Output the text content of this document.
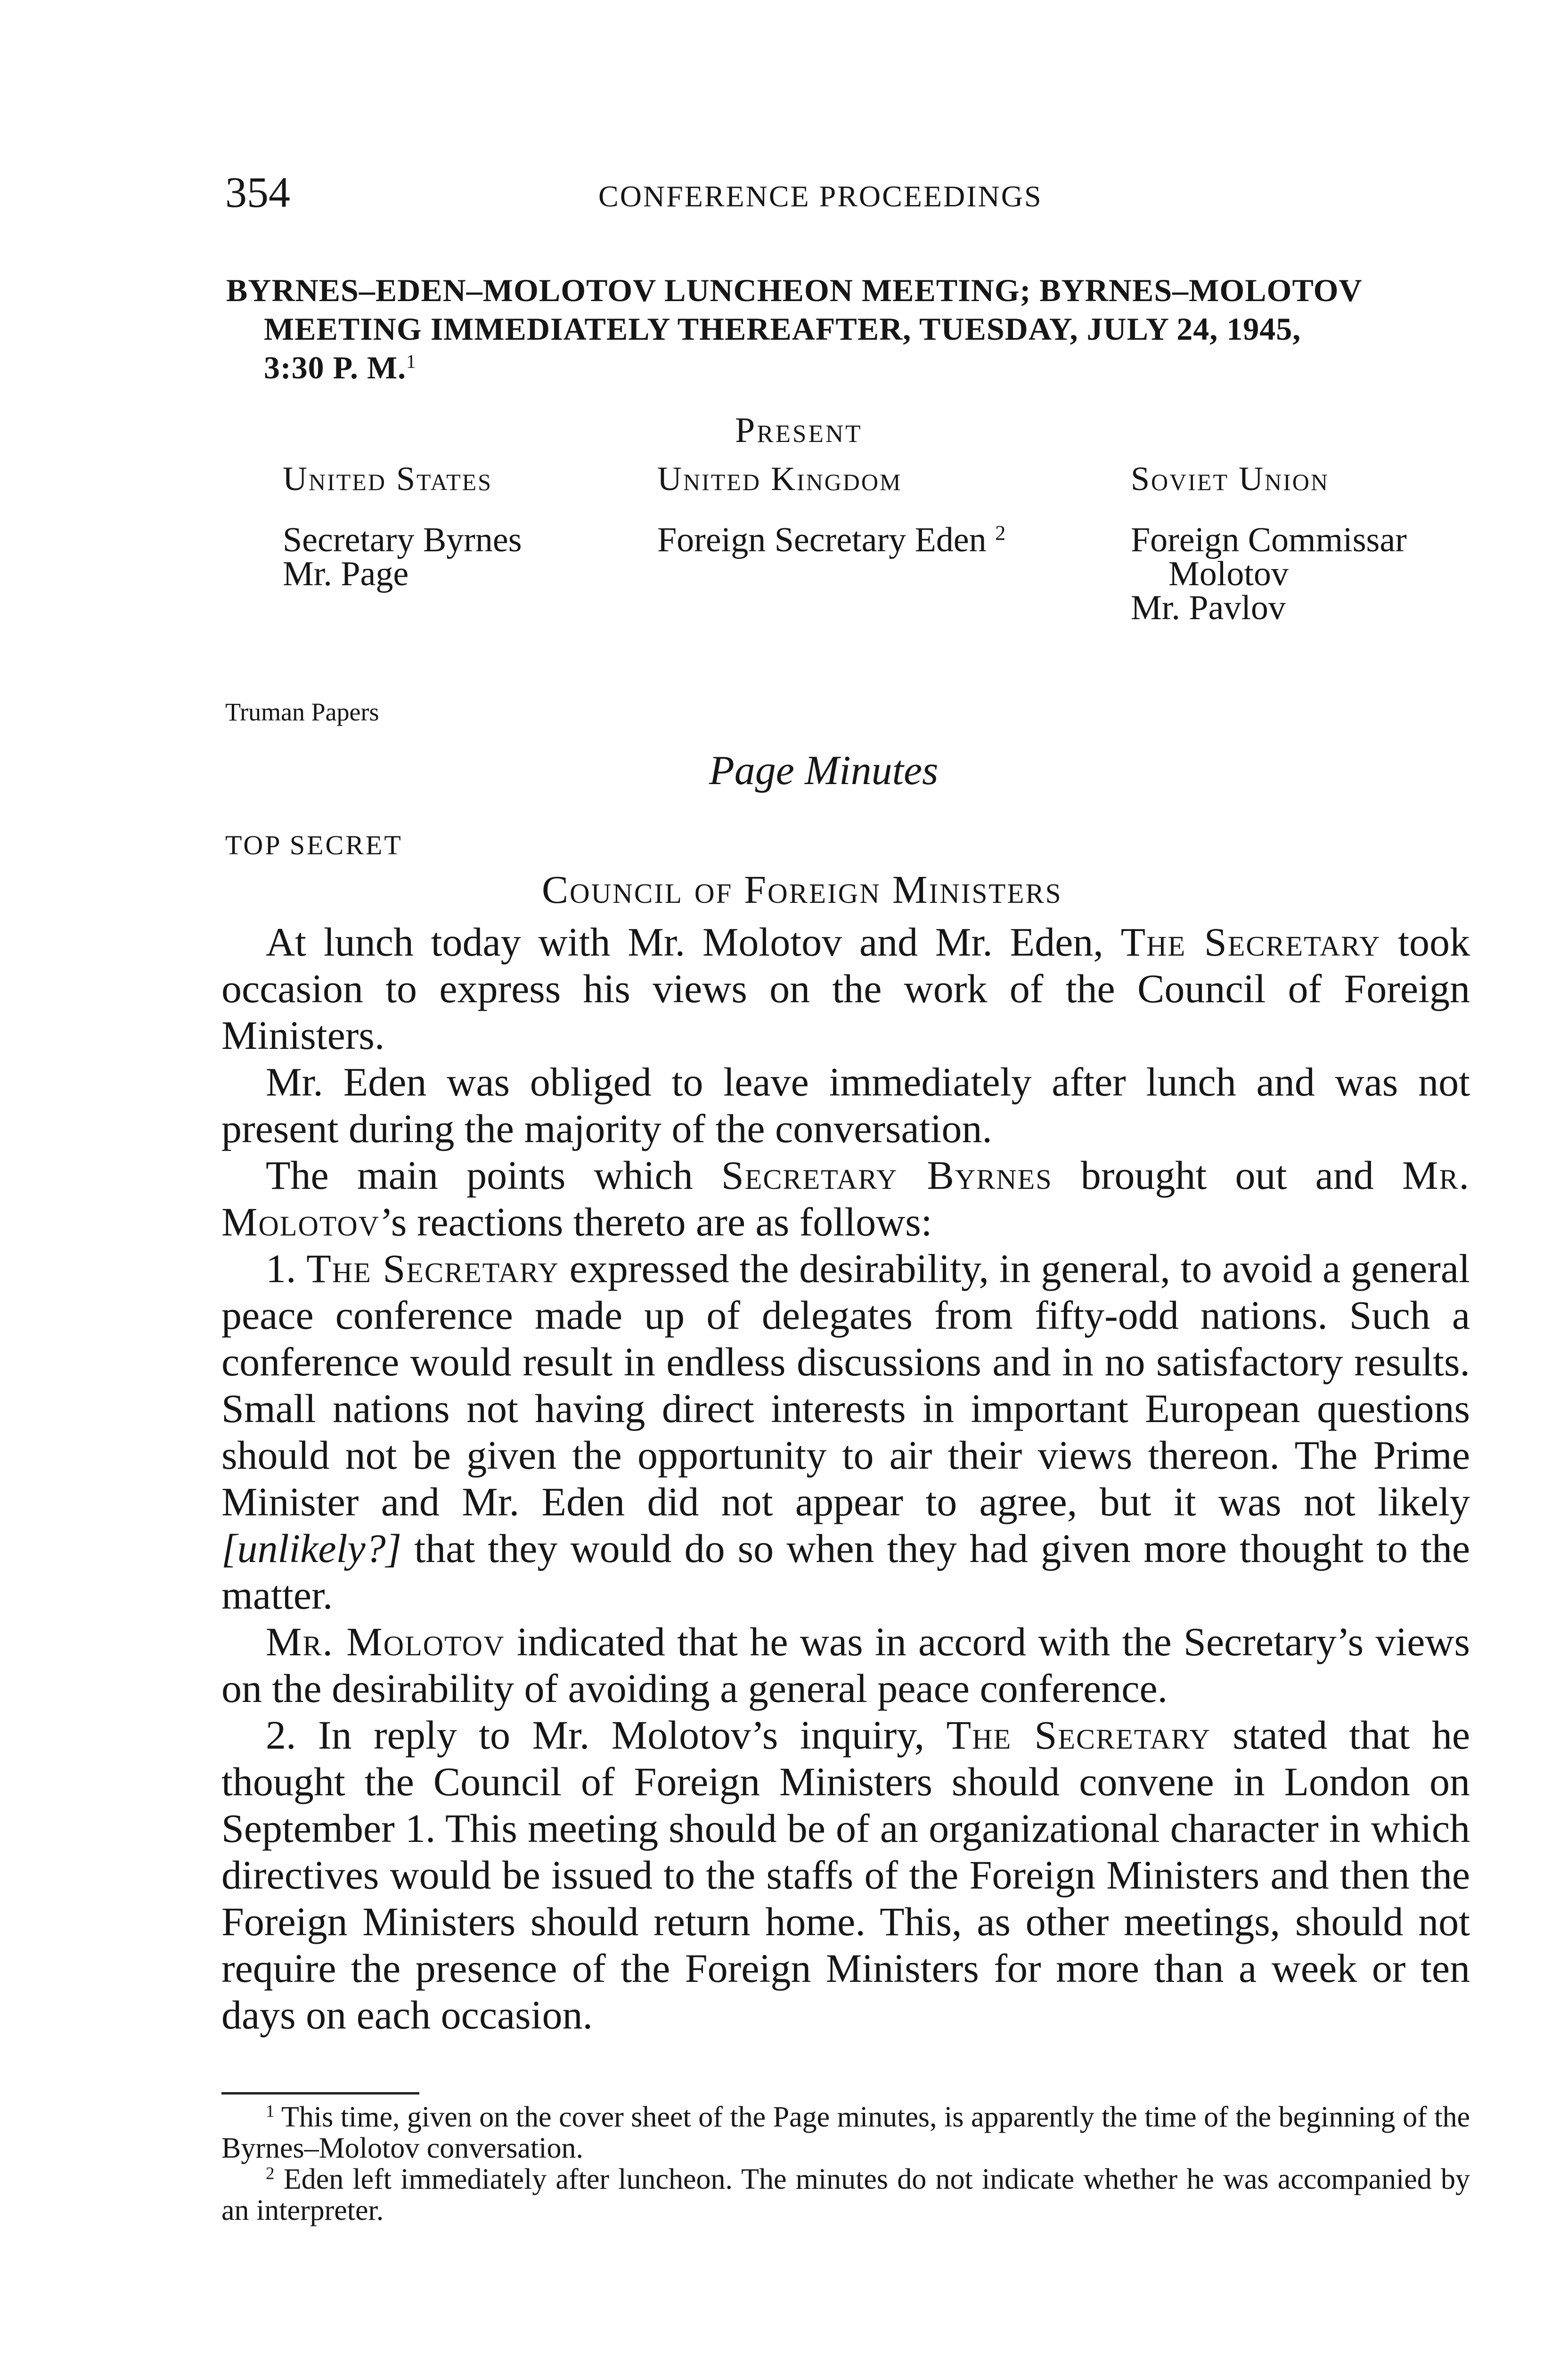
354	CONFERENCE PROCEEDINGS
BYRNES–EDEN–MOLOTOV LUNCHEON MEETING; BYRNES–MOLOTOV
MEETING IMMEDIATELY THEREAFTER, TUESDAY, JULY 24, 1945,
3:30 P. M.$^1$
Present
United States
Secretary Byrnes
Mr. Page
United Kingdom
Foreign Secretary Eden $^2$
Soviet Union
Foreign Commissar
Molotov
Mr. Pavlov
Truman Papers
Page Minutes
TOP SECRET
Council of Foreign Ministers

At lunch today with Mr. Molotov and Mr. Eden, The Secretary took occasion to express his views on the work of the Council of Foreign Ministers.

Mr. Eden was obliged to leave immediately after lunch and was not present during the majority of the conversation.

The main points which Secretary Byrnes brought out and Mr. Molotov’s reactions thereto are as follows:

1. The Secretary expressed the desirability, in general, to avoid a general peace conference made up of delegates from fifty-odd nations. Such a conference would result in endless discussions and in no satisfactory results. Small nations not having direct interests in important European questions should not be given the opportunity to air their views thereon. The Prime Minister and Mr. Eden did not appear to agree, but it was not likely [unlikely?] that they would do so when they had given more thought to the matter.

Mr. Molotov indicated that he was in accord with the Secretary’s views on the desirability of avoiding a general peace conference.

2. In reply to Mr. Molotov’s inquiry, The Secretary stated that he thought the Council of Foreign Ministers should convene in London on September 1. This meeting should be of an organizational character in which directives would be issued to the staffs of the Foreign Ministers and then the Foreign Ministers should return home. This, as other meetings, should not require the presence of the Foreign Ministers for more than a week or ten days on each occasion.

$^1$ This time, given on the cover sheet of the Page minutes, is apparently the time of the beginning of the Byrnes–Molotov conversation.

$^2$ Eden left immediately after luncheon. The minutes do not indicate whether he was accompanied by an interpreter.
